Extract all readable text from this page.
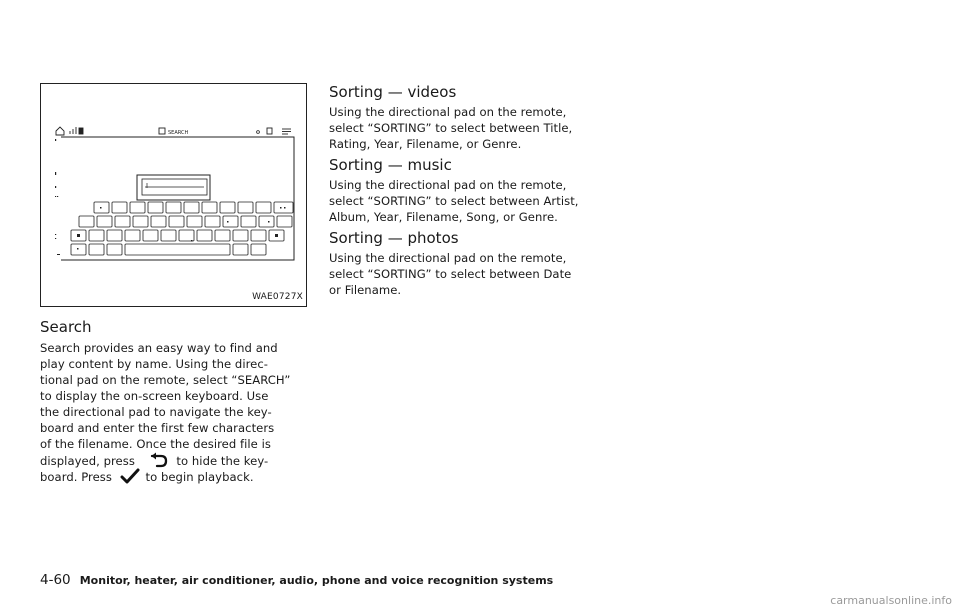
SEARCH
WAE0727X
Search
Search provides an easy way to find and
play content by name. Using the direc-
tional pad on the remote, select “SEARCH”
to display the on-screen keyboard. Use
the directional pad to navigate the key-
board and enter the first few characters
of the filename. Once the desired file is
displayed, press	to hide the key-
board. Press	to begin playback.
Sorting — videos
Using the directional pad on the remote,
select “SORTING” to select between Title,
Rating, Year, Filename, or Genre.
Sorting — music
Using the directional pad on the remote,
select “SORTING” to select between Artist,
Album, Year, Filename, Song, or Genre.
Sorting — photos
Using the directional pad on the remote,
select “SORTING” to select between Date
or Filename.
4-60 Monitor, heater, air conditioner, audio, phone and voice recognition systems
carmanualsonline.info
